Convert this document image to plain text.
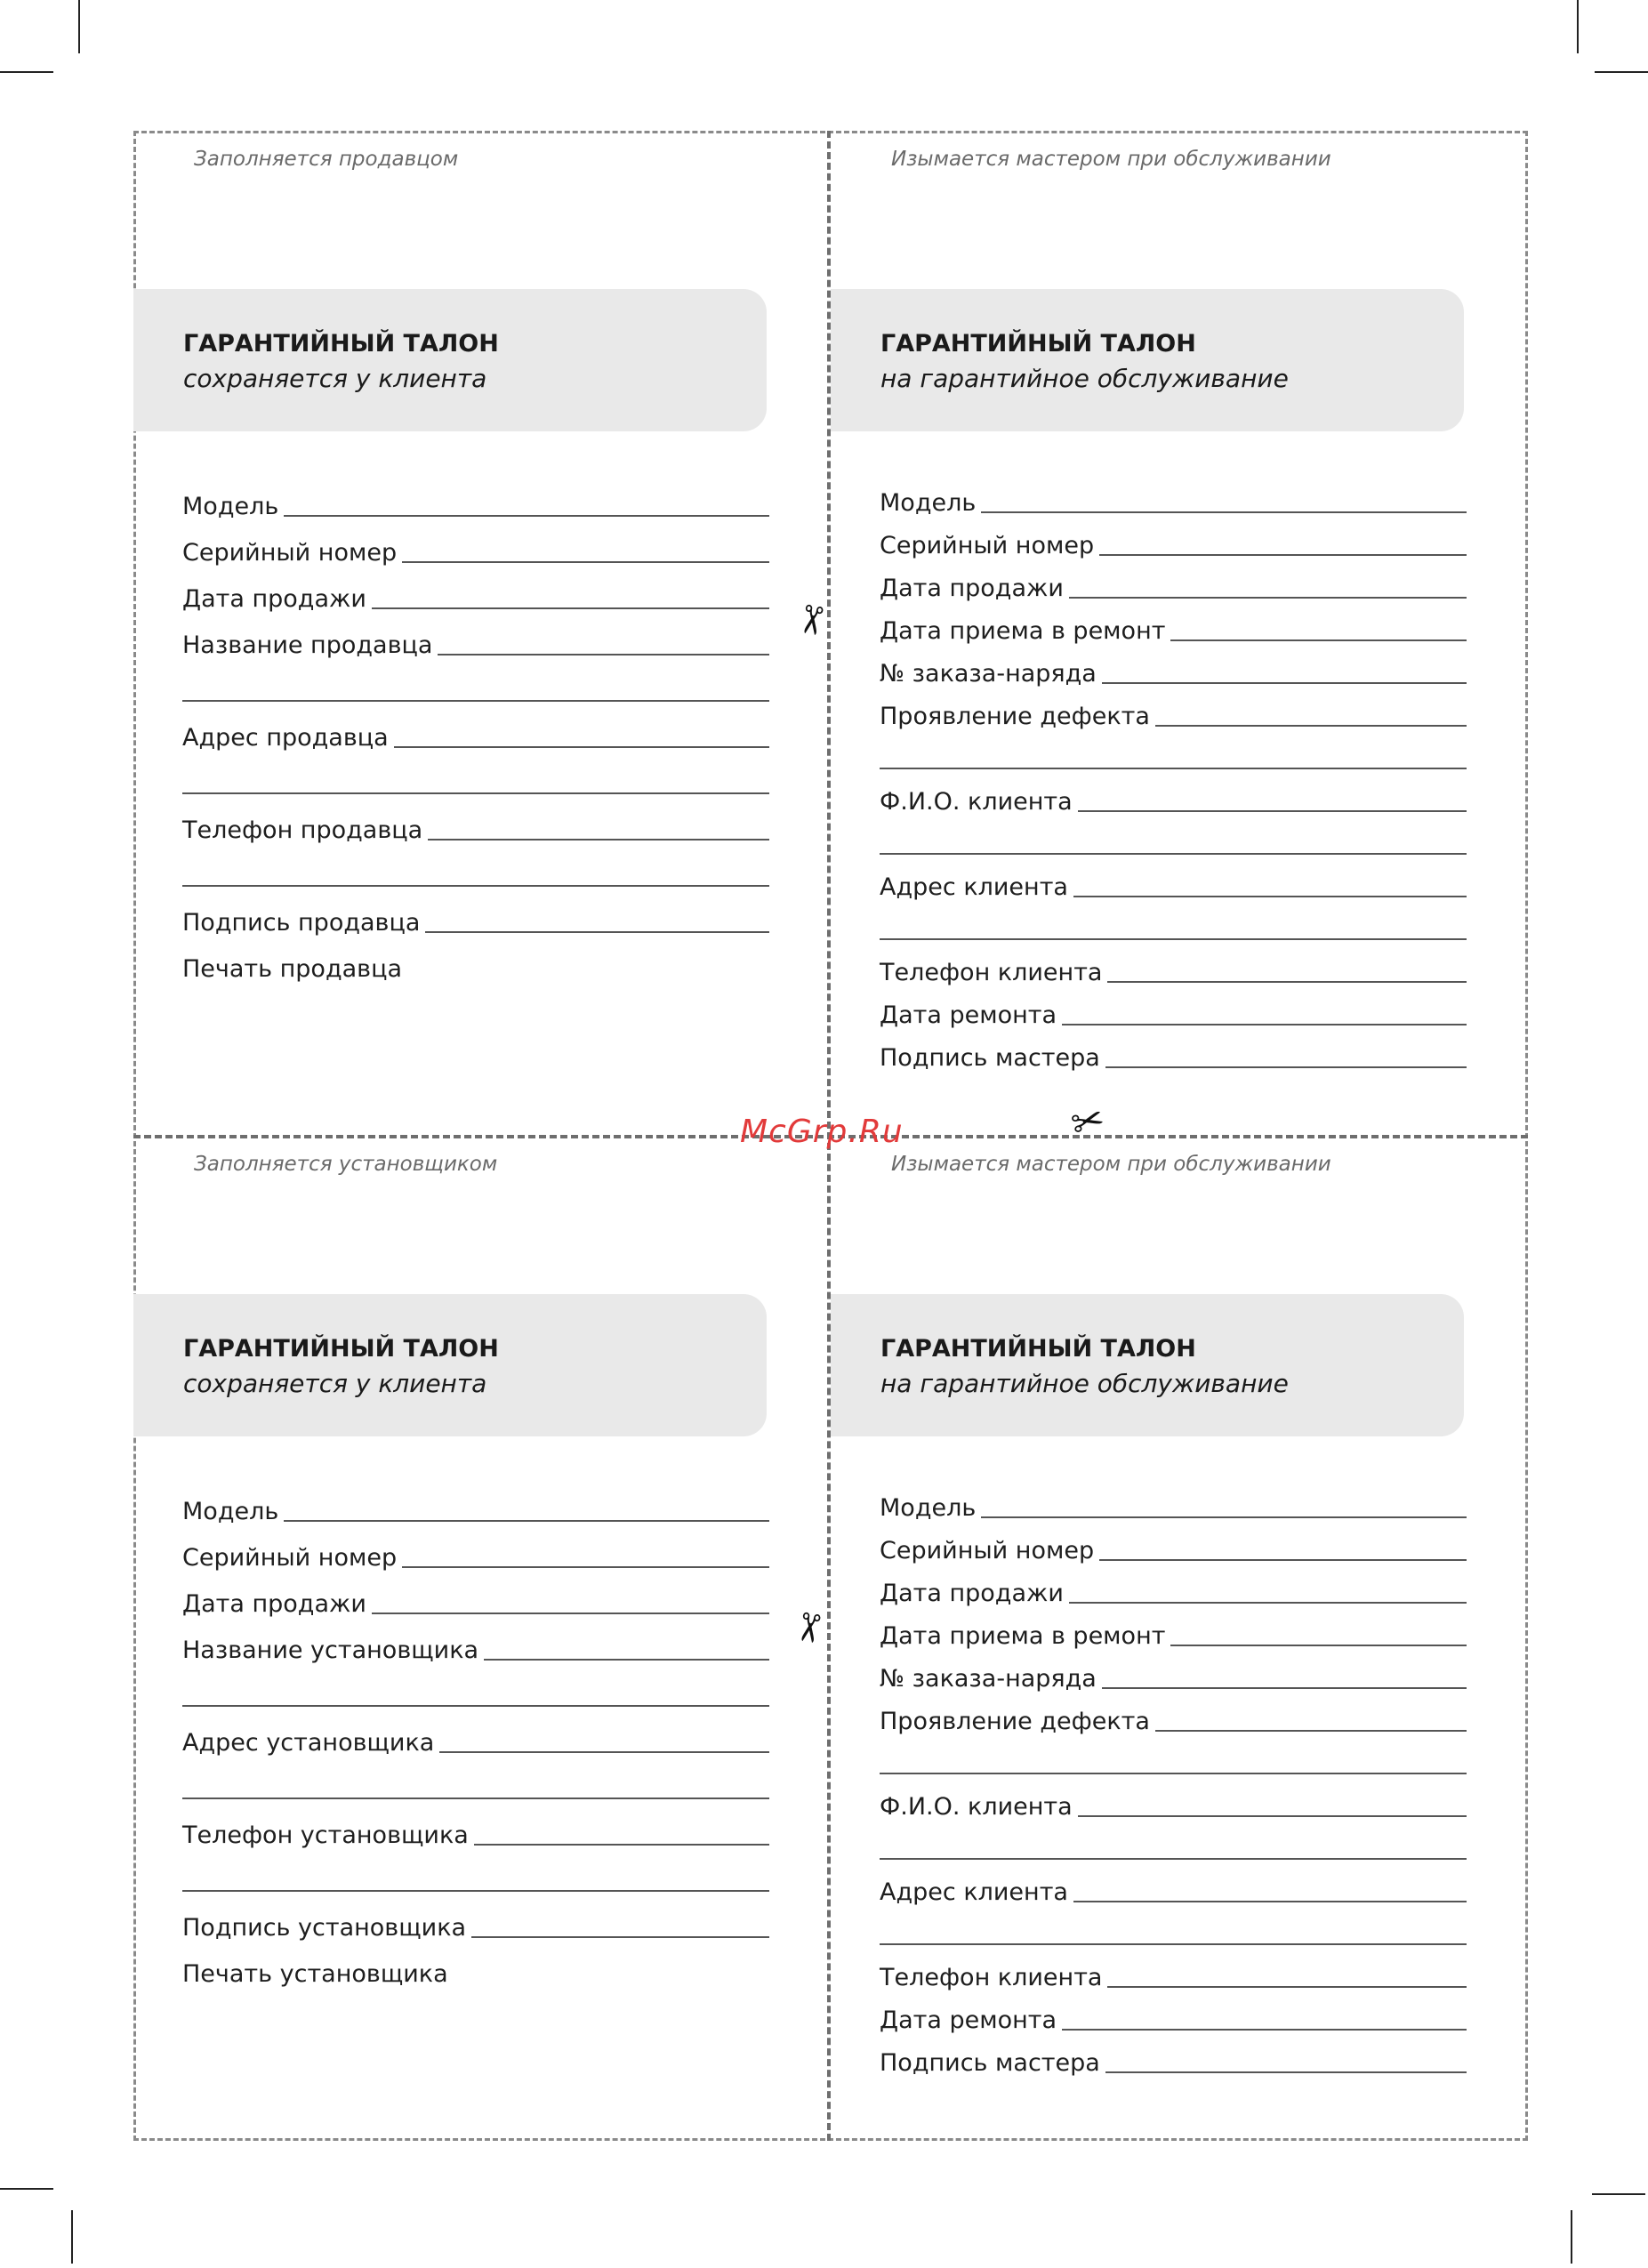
✂
✂
✂
McGrp.Ru
Заполняется продавцом
ГАРАНТИЙНЫЙ ТАЛОН
сохраняется у клиента
Модель
Серийный номер
Дата продажи
Название продавца
Адрес продавца
Телефон продавца
Подпись продавца
Печать продавца
Изымается мастером при обслуживании
ГАРАНТИЙНЫЙ ТАЛОН
на гарантийное обслуживание
Модель
Серийный номер
Дата продажи
Дата приема в ремонт
№ заказа-наряда
Проявление дефекта
Ф.И.О. клиента
Адрес клиента
Телефон клиента
Дата ремонта
Подпись мастера
Заполняется установщиком
ГАРАНТИЙНЫЙ ТАЛОН
сохраняется у клиента
Модель
Серийный номер
Дата продажи
Название установщика
Адрес установщика
Телефон установщика
Подпись установщика
Печать установщика
Изымается мастером при обслуживании
ГАРАНТИЙНЫЙ ТАЛОН
на гарантийное обслуживание
Модель
Серийный номер
Дата продажи
Дата приема в ремонт
№ заказа-наряда
Проявление дефекта
Ф.И.О. клиента
Адрес клиента
Телефон клиента
Дата ремонта
Подпись мастера
